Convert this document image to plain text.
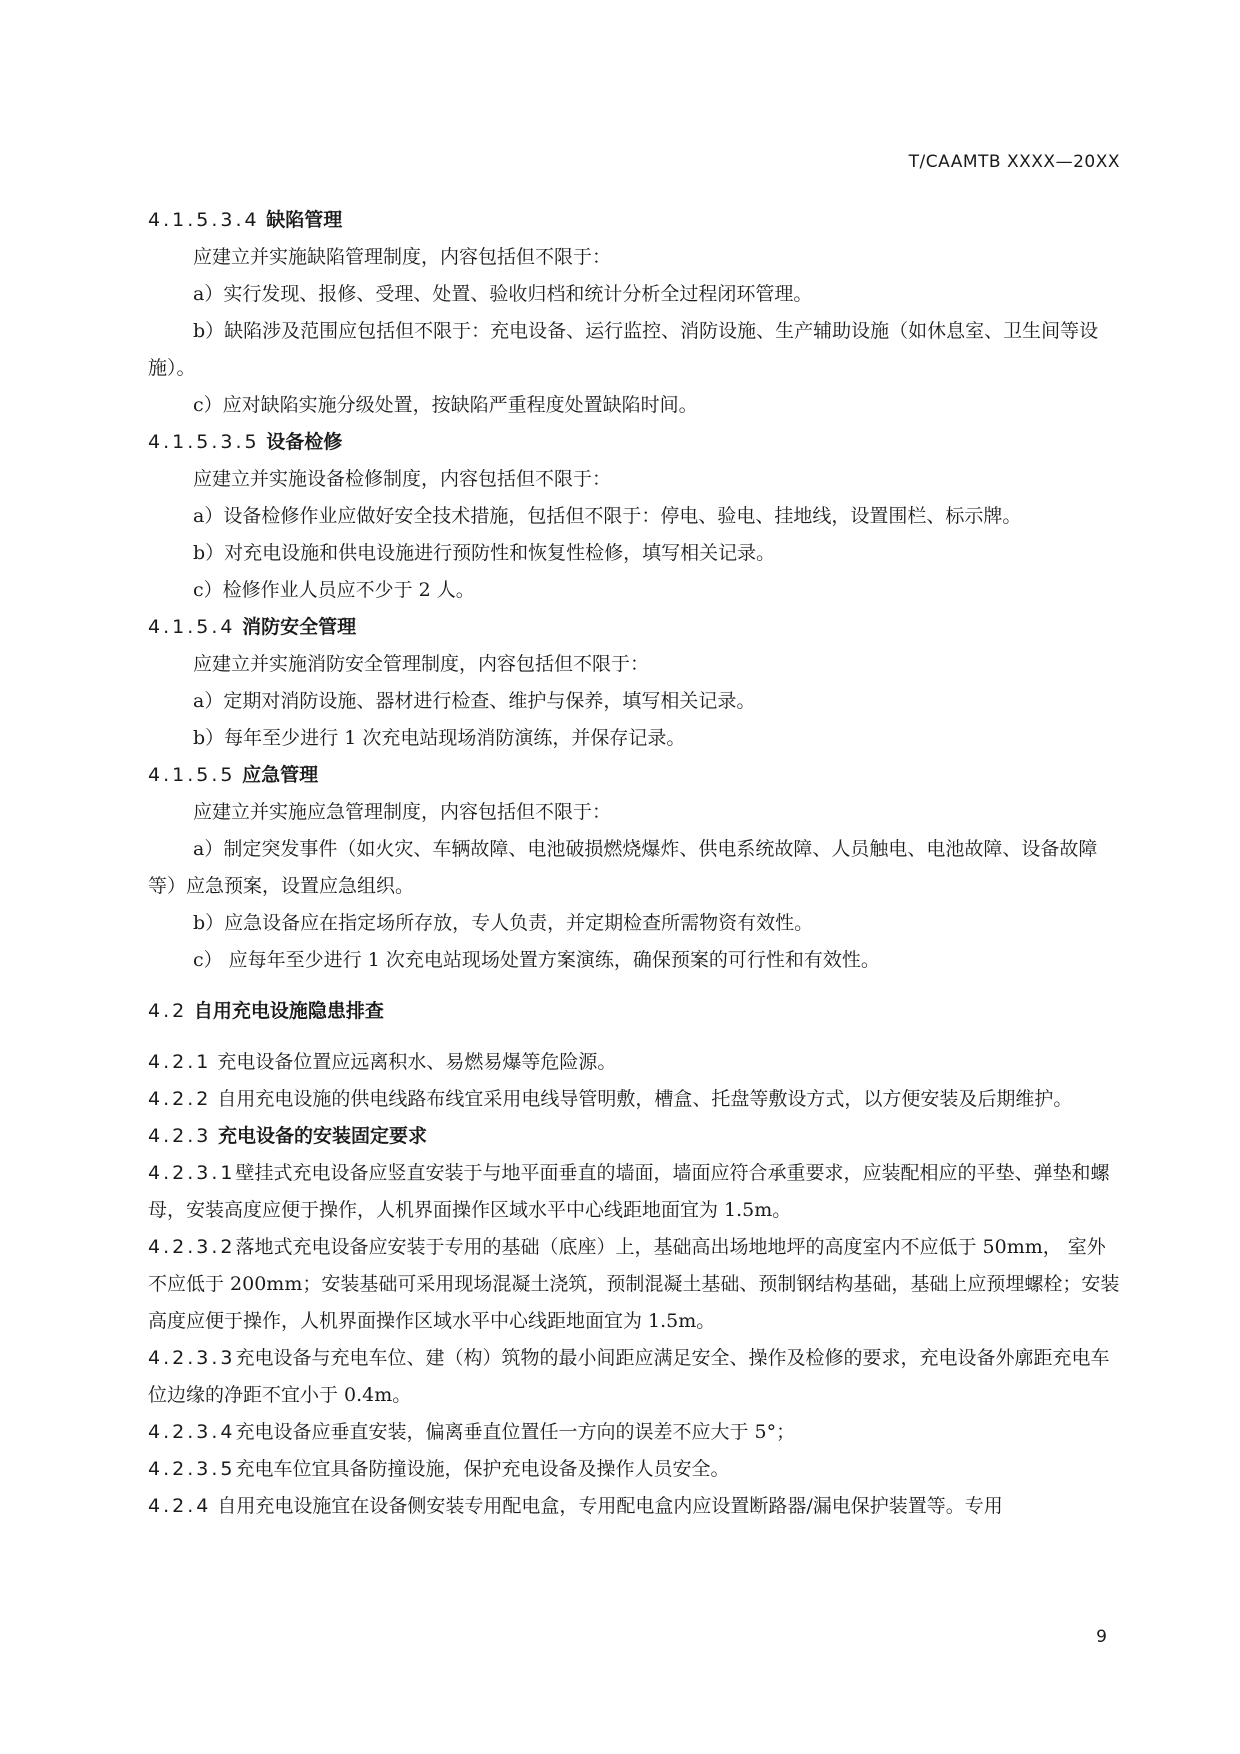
T/CAAMTB XXXX—20XX
4.1.5.3.4 缺陷管理
应建立并实施缺陷管理制度，内容包括但不限于：
a）实行发现、报修、受理、处置、验收归档和统计分析全过程闭环管理。
b）缺陷涉及范围应包括但不限于：充电设备、运行监控、消防设施、生产辅助设施（如休息室、卫生间等设施）。
c）应对缺陷实施分级处置，按缺陷严重程度处置缺陷时间。
4.1.5.3.5 设备检修
应建立并实施设备检修制度，内容包括但不限于：
a）设备检修作业应做好安全技术措施，包括但不限于：停电、验电、挂地线，设置围栏、标示牌。
b）对充电设施和供电设施进行预防性和恢复性检修，填写相关记录。
c）检修作业人员应不少于 2 人。
4.1.5.4 消防安全管理
应建立并实施消防安全管理制度，内容包括但不限于：
a）定期对消防设施、器材进行检查、维护与保养，填写相关记录。
b）每年至少进行 1 次充电站现场消防演练，并保存记录。
4.1.5.5 应急管理
应建立并实施应急管理制度，内容包括但不限于：
a）制定突发事件（如火灾、车辆故障、电池破损燃烧爆炸、供电系统故障、人员触电、电池故障、设备故障等）应急预案，设置应急组织。
b）应急设备应在指定场所存放，专人负责，并定期检查所需物资有效性。
c） 应每年至少进行 1 次充电站现场处置方案演练，确保预案的可行性和有效性。
4.2 自用充电设施隐患排查
4.2.1 充电设备位置应远离积水、易燃易爆等危险源。
4.2.2 自用充电设施的供电线路布线宜采用电线导管明敷，槽盒、托盘等敷设方式，以方便安装及后期维护。
4.2.3 充电设备的安装固定要求
4.2.3.1壁挂式充电设备应竖直安装于与地平面垂直的墙面，墙面应符合承重要求，应装配相应的平垫、弹垫和螺母，安装高度应便于操作，人机界面操作区域水平中心线距地面宜为 1.5m。
4.2.3.2落地式充电设备应安装于专用的基础（底座）上，基础高出场地地坪的高度室内不应低于 50mm， 室外不应低于 200mm；安装基础可采用现场混凝土浇筑，预制混凝土基础、预制钢结构基础，基础上应预埋螺栓；安装高度应便于操作，人机界面操作区域水平中心线距地面宜为 1.5m。
4.2.3.3充电设备与充电车位、建（构）筑物的最小间距应满足安全、操作及检修的要求，充电设备外廓距充电车位边缘的净距不宜小于 0.4m。
4.2.3.4充电设备应垂直安装，偏离垂直位置任一方向的误差不应大于 5°；
4.2.3.5充电车位宜具备防撞设施，保护充电设备及操作人员安全。
4.2.4 自用充电设施宜在设备侧安装专用配电盒，专用配电盒内应设置断路器/漏电保护装置等。专用
9
